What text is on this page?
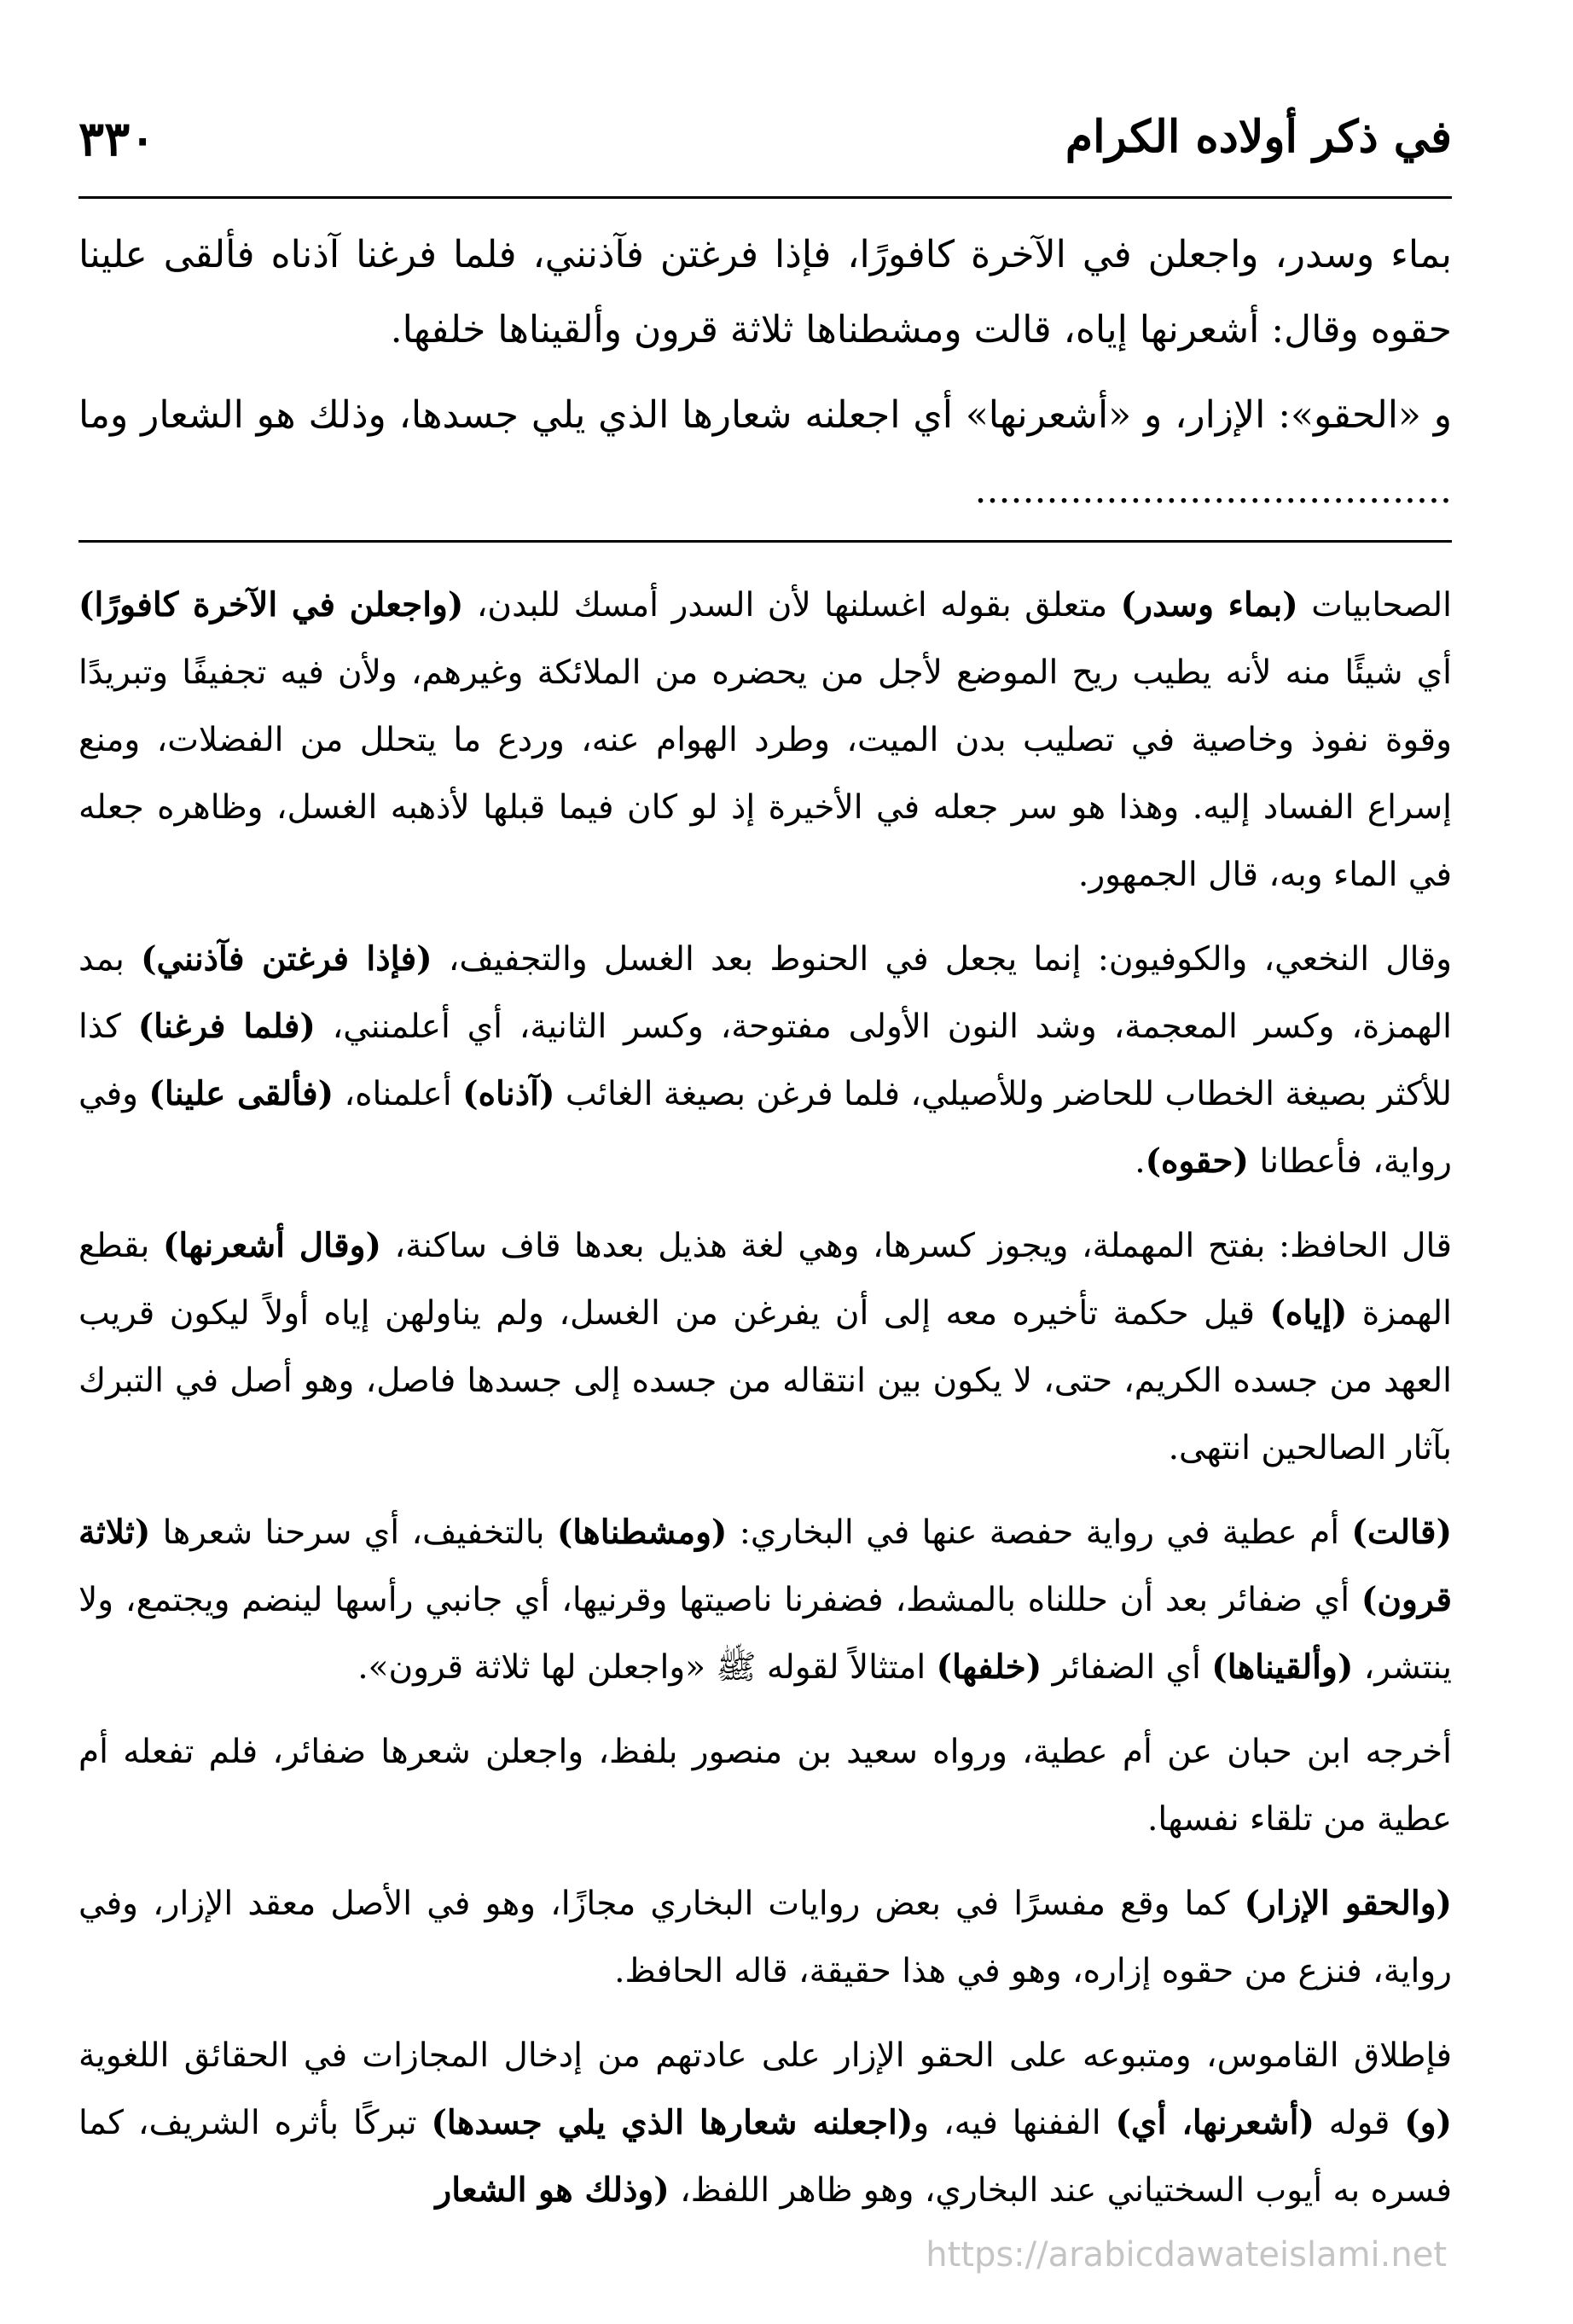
٣٣٠	في ذكر أولاده الكرام

بماء وسدر، واجعلن في الآخرة كافورًا، فإذا فرغتن فآذنني، فلما فرغنا آذناه فألقى علينا حقوه وقال: أشعرنها إياه، قالت ومشطناها ثلاثة قرون وألقيناها خلفها.

و «الحقو»: الإزار، و «أشعرنها» أي اجعلنه شعارها الذي يلي جسدها، وذلك هو الشعار وما ........................................

الصحابيات (بماء وسدر) متعلق بقوله اغسلنها لأن السدر أمسك للبدن، (واجعلن في الآخرة كافورًا) أي شيئًا منه لأنه يطيب ريح الموضع لأجل من يحضره من الملائكة وغيرهم، ولأن فيه تجفيفًا وتبريدًا وقوة نفوذ وخاصية في تصليب بدن الميت، وطرد الهوام عنه، وردع ما يتحلل من الفضلات، ومنع إسراع الفساد إليه. وهذا هو سر جعله في الأخيرة إذ لو كان فيما قبلها لأذهبه الغسل، وظاهره جعله في الماء وبه، قال الجمهور.

وقال النخعي، والكوفيون: إنما يجعل في الحنوط بعد الغسل والتجفيف، (فإذا فرغتن فآذنني) بمد الهمزة، وكسر المعجمة، وشد النون الأولى مفتوحة، وكسر الثانية، أي أعلمنني، (فلما فرغنا) كذا للأكثر بصيغة الخطاب للحاضر وللأصيلي، فلما فرغن بصيغة الغائب (آذناه) أعلمناه، (فألقى علينا) وفي رواية، فأعطانا (حقوه).

قال الحافظ: بفتح المهملة، ويجوز كسرها، وهي لغة هذيل بعدها قاف ساكنة، (وقال أشعرنها) بقطع الهمزة (إياه) قيل حكمة تأخيره معه إلى أن يفرغن من الغسل، ولم يناولهن إياه أولاً ليكون قريب العهد من جسده الكريم، حتى، لا يكون بين انتقاله من جسده إلى جسدها فاصل، وهو أصل في التبرك بآثار الصالحين انتهى.

(قالت) أم عطية في رواية حفصة عنها في البخاري: (ومشطناها) بالتخفيف، أي سرحنا شعرها (ثلاثة قرون) أي ضفائر بعد أن حللناه بالمشط، فضفرنا ناصيتها وقرنيها، أي جانبي رأسها لينضم ويجتمع، ولا ينتشر، (وألقيناها) أي الضفائر (خلفها) امتثالاً لقوله ﷺ «واجعلن لها ثلاثة قرون».

أخرجه ابن حبان عن أم عطية، ورواه سعيد بن منصور بلفظ، واجعلن شعرها ضفائر، فلم تفعله أم عطية من تلقاء نفسها.

(والحقو الإزار) كما وقع مفسرًا في بعض روايات البخاري مجازًا، وهو في الأصل معقد الإزار، وفي رواية، فنزع من حقوه إزاره، وهو في هذا حقيقة، قاله الحافظ.

فإطلاق القاموس، ومتبوعه على الحقو الإزار على عادتهم من إدخال المجازات في الحقائق اللغوية (و) قوله (أشعرنها، أي) الففنها فيه، و(اجعلنه شعارها الذي يلي جسدها) تبركًا بأثره الشريف، كما فسره به أيوب السختياني عند البخاري، وهو ظاهر اللفظ، (وذلك هو الشعار

https://arabicdawateislami.net
